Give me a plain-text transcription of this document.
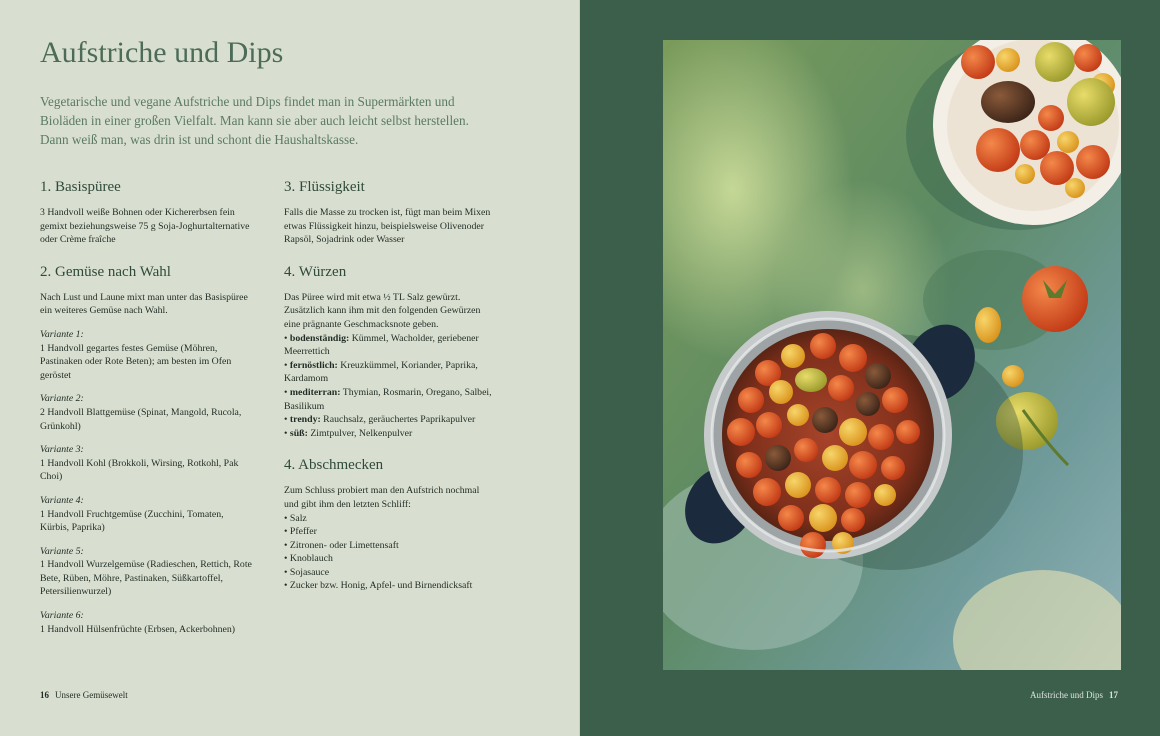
Aufstriche und Dips

Vegetarische und vegane Aufstriche und Dips findet man in Supermärkten und Bioläden in einer großen Vielfalt. Man kann sie aber auch leicht selbst herstellen. Dann weiß man, was drin ist und schont die Haushaltskasse.

1. Basispüree

3 Handvoll weiße Bohnen oder Kichererbsen fein gemixt beziehungsweise 75 g Soja-Joghurtalternative oder Crème fraîche

2. Gemüse nach Wahl

Nach Lust und Laune mixt man unter das Basispüree ein weiteres Gemüse nach Wahl.

Variante 1:
1 Handvoll gegartes festes Gemüse (Möhren, Pastinaken oder Rote Beten); am besten im Ofen geröstet

Variante 2:
2 Handvoll Blattgemüse (Spinat, Mangold, Rucola, Grünkohl)

Variante 3:
1 Handvoll Kohl (Brokkoli, Wirsing, Rotkohl, Pak Choi)

Variante 4:
1 Handvoll Fruchtgemüse (Zucchini, Tomaten, Kürbis, Paprika)

Variante 5:
1 Handvoll Wurzelgemüse (Radieschen, Rettich, Rote Bete, Rüben, Möhre, Pastinaken, Süßkartoffel, Petersilienwurzel)

Variante 6:
1 Handvoll Hülsenfrüchte (Erbsen, Ackerbohnen)

3. Flüssigkeit

Falls die Masse zu trocken ist, fügt man beim Mixen etwas Flüssigkeit hinzu, beispielsweise Olivenoder Rapsöl, Sojadrink oder Wasser

4. Würzen

Das Püree wird mit etwa ½ TL Salz gewürzt. Zusätzlich kann ihm mit den folgenden Gewürzen eine prägnante Geschmacksnote geben.

• bodenständig: Kümmel, Wacholder, geriebener Meerrettich
• fernöstlich: Kreuzkümmel, Koriander, Paprika, Kardamom
• mediterran: Thymian, Rosmarin, Oregano, Salbei, Basilikum
• trendy: Rauchsalz, geräuchertes Paprikapulver
• süß: Zimtpulver, Nelkenpulver
4. Abschmecken

Zum Schluss probiert man den Aufstrich nochmal und gibt ihm den letzten Schliff:

• Salz
• Pfeffer
• Zitronen- oder Limettensaft
• Knoblauch
• Sojasauce
• Zucker bzw. Honig, Apfel- und Birnendicksaft
16 Unsere Gemüsewelt	Aufstriche und Dips 17
